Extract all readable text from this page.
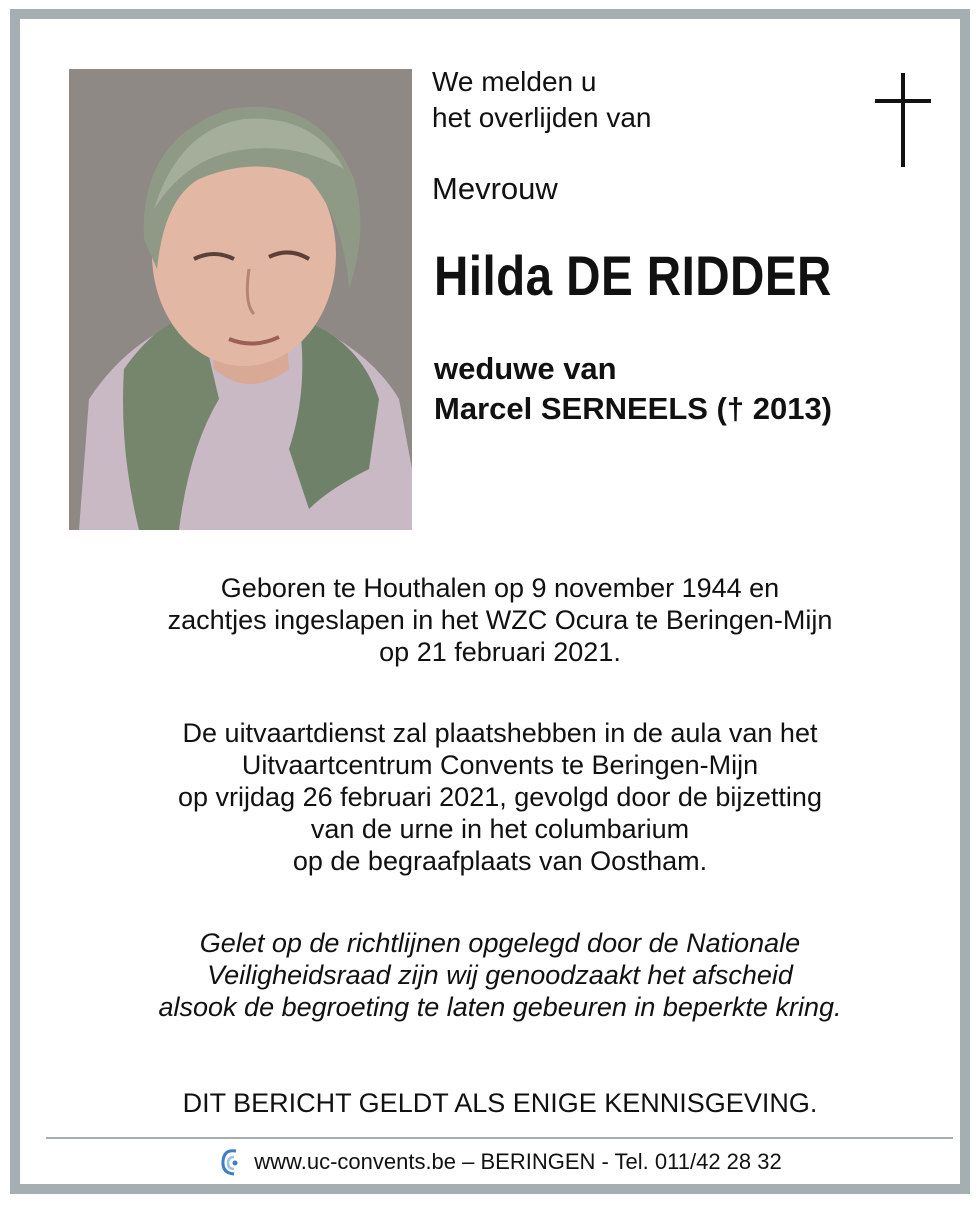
We melden u
het overlijden van
Mevrouw
Hilda DE RIDDER
weduwe van
Marcel SERNEELS († 2013)
Geboren te Houthalen op 9 november 1944 en
zachtjes ingeslapen in het WZC Ocura te Beringen-Mijn
op 21 februari 2021.
De uitvaartdienst zal plaatshebben in de aula van het
Uitvaartcentrum Convents te Beringen-Mijn
op vrijdag 26 februari 2021, gevolgd door de bijzetting
van de urne in het columbarium
op de begraafplaats van Oostham.
Gelet op de richtlijnen opgelegd door de Nationale
Veiligheidsraad zijn wij genoodzaakt het afscheid
alsook de begroeting te laten gebeuren in beperkte kring.
DIT BERICHT GELDT ALS ENIGE KENNISGEVING.
www.uc-convents.be – BERINGEN - Tel. 011/42 28 32
